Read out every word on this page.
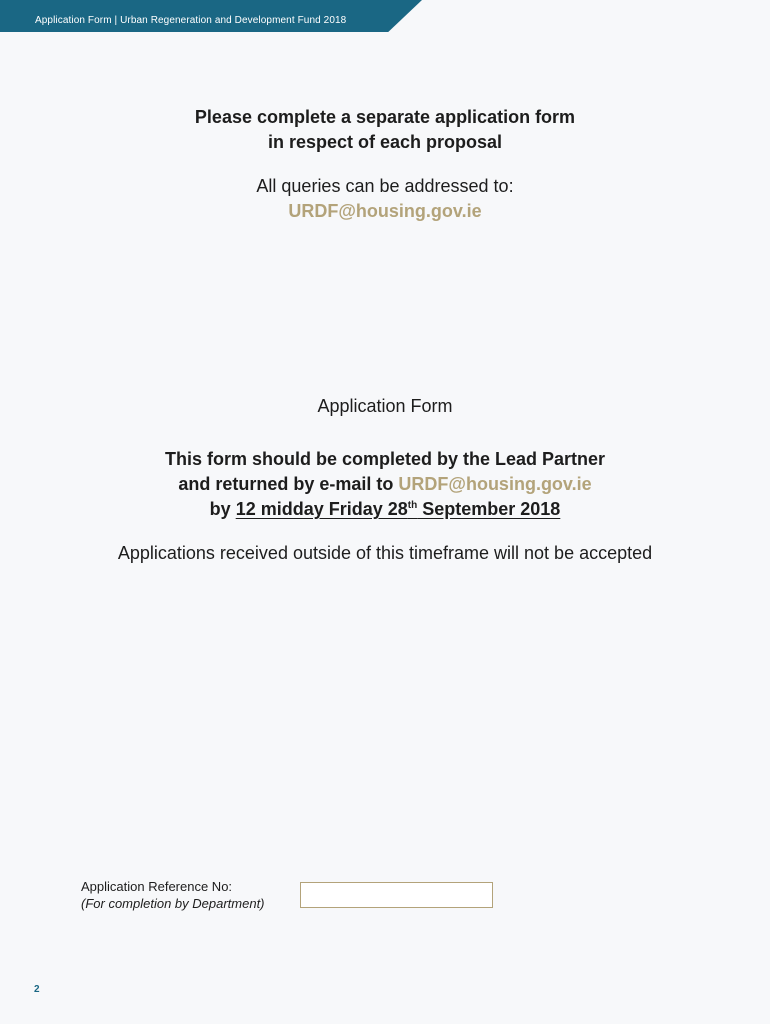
Application Form | Urban Regeneration and Development Fund 2018
Please complete a separate application form
in respect of each proposal
All queries can be addressed to:
URDF@housing.gov.ie
Application Form
This form should be completed by the Lead Partner
and returned by e-mail to URDF@housing.gov.ie
by 12 midday Friday 28th September 2018
Applications received outside of this timeframe will not be accepted
Application Reference No:
(For completion by Department)
2
